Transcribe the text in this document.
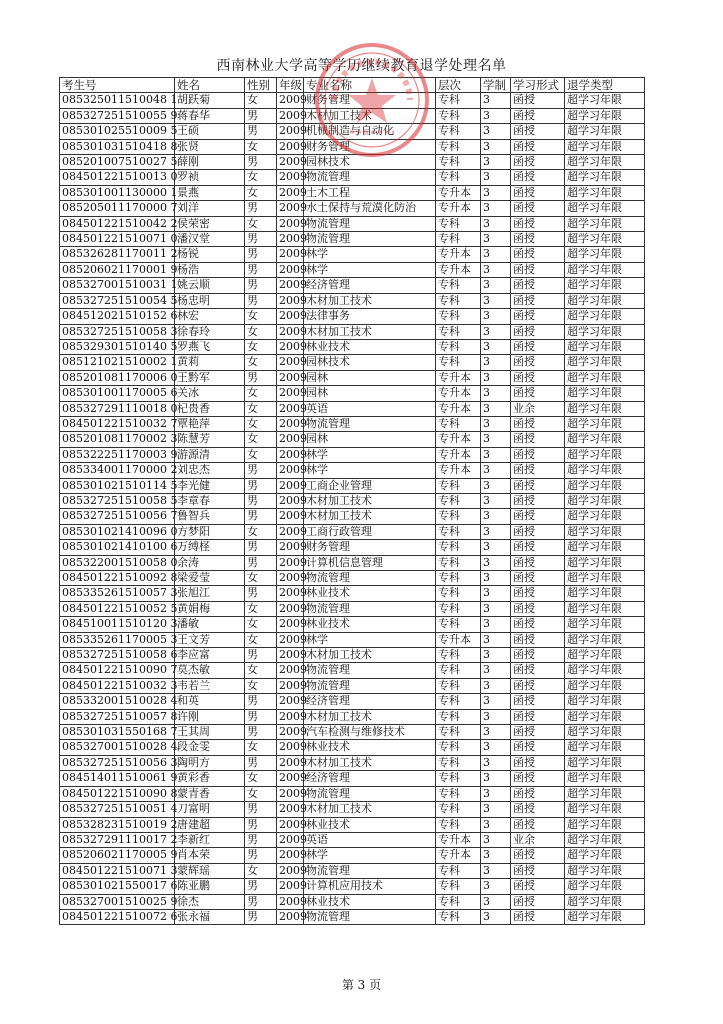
西南林业大学高等学历继续教育退学处理名单
考生号	姓名	性别	年级	专业名称	层次	学制	学习形式	退学类型
085325011510048 1	胡跃菊	女	2009	财务管理	专科	3	函授	超学习年限
085327251510055 9	蒋春华	男	2009	木材加工技术	专科	3	函授	超学习年限
085301025510009 5	王硕	男	2009	机械制造与自动化	专科	3	函授	超学习年限
085301031510418 8	张贤	女	2009	财务管理	专科	3	函授	超学习年限
085201007510027 5	薛刚	男	2009	园林技术	专科	3	函授	超学习年限
084501221510013 0	罗祯	女	2009	物流管理	专科	3	函授	超学习年限
085301001130000 1	景燕	女	2009	土木工程	专升本	3	函授	超学习年限
085205011170000 7	刘洋	男	2009	水土保持与荒漠化防治	专升本	3	函授	超学习年限
084501221510042 2	侯荣密	女	2009	物流管理	专科	3	函授	超学习年限
084501221510071 0	潘汉堂	男	2009	物流管理	专科	3	函授	超学习年限
085326281170011 2	杨锐	男	2009	林学	专升本	3	函授	超学习年限
085206021170001 9	杨浩	男	2009	林学	专升本	3	函授	超学习年限
085327001510031 1	姚云顺	男	2009	经济管理	专科	3	函授	超学习年限
085327251510054 5	杨忠明	男	2009	木材加工技术	专科	3	函授	超学习年限
084512021510152 6	林宏	女	2009	法律事务	专科	3	函授	超学习年限
085327251510058 3	徐春玲	女	2009	木材加工技术	专科	3	函授	超学习年限
085329301510140 5	罗燕飞	女	2009	林业技术	专科	3	函授	超学习年限
085121021510002 1	黄莉	女	2009	园林技术	专科	3	函授	超学习年限
085201081170006 0	王黔军	男	2009	园林	专升本	3	函授	超学习年限
085301001170005 6	关冰	女	2009	园林	专升本	3	函授	超学习年限
085327291110018 0	杞贵香	女	2009	英语	专升本	3	业余	超学习年限
084501221510032 7	覃艳萍	女	2009	物流管理	专科	3	函授	超学习年限
085201081170002 3	陈慧芳	女	2009	园林	专升本	3	函授	超学习年限
085322251170003 9	游源清	女	2009	林学	专升本	3	函授	超学习年限
085334001170000 2	刘忠杰	男	2009	林学	专升本	3	函授	超学习年限
085301021510114 5	李光健	男	2009	工商企业管理	专科	3	函授	超学习年限
085327251510058 5	李章春	男	2009	木材加工技术	专科	3	函授	超学习年限
085327251510056 7	鲁智兵	男	2009	木材加工技术	专科	3	函授	超学习年限
085301021410096 0	方梦阳	女	2009	工商行政管理	专科	3	函授	超学习年限
085301021410100 6	万缚柽	男	2009	财务管理	专科	3	函授	超学习年限
085322001510058 0	余涛	男	2009	计算机信息管理	专科	3	函授	超学习年限
084501221510092 8	梁爱莹	女	2009	物流管理	专科	3	函授	超学习年限
085335261510057 3	张旭江	男	2009	林业技术	专科	3	函授	超学习年限
084501221510052 5	黄娟梅	女	2009	物流管理	专科	3	函授	超学习年限
084510011510120 3	潘敏	女	2009	林业技术	专科	3	函授	超学习年限
085335261170005 3	王文芳	女	2009	林学	专升本	3	函授	超学习年限
085327251510058 6	李应富	男	2009	木材加工技术	专科	3	函授	超学习年限
084501221510090 7	莫杰敏	女	2009	物流管理	专科	3	函授	超学习年限
084501221510032 3	韦若兰	女	2009	物流管理	专科	3	函授	超学习年限
085332001510028 4	和英	男	2009	经济管理	专科	3	函授	超学习年限
085327251510057 8	许刚	男	2009	木材加工技术	专科	3	函授	超学习年限
085301031550168 7	王其周	男	2009	汽车检测与维修技术	专科	3	函授	超学习年限
085327001510028 4	段金雯	女	2009	林业技术	专科	3	函授	超学习年限
085327251510056 3	陶明方	男	2009	木材加工技术	专科	3	函授	超学习年限
084514011510061 9	黄彩香	女	2009	经济管理	专科	3	函授	超学习年限
084501221510090 8	蒙青香	女	2009	物流管理	专科	3	函授	超学习年限
085327251510051 4	刀富明	男	2009	木材加工技术	专科	3	函授	超学习年限
085328231510019 2	唐建超	男	2009	林业技术	专科	3	函授	超学习年限
085327291110017 2	李新红	男	2009	英语	专升本	3	业余	超学习年限
085206021170005 9	肖本荣	男	2009	林学	专升本	3	函授	超学习年限
084501221510071 3	蒙辉瑶	女	2009	物流管理	专科	3	函授	超学习年限
085301021550017 6	陈亚鹏	男	2009	计算机应用技术	专科	3	函授	超学习年限
085327001510025 9	徐杰	男	2009	林业技术	专科	3	函授	超学习年限
084501221510072 6	张永福	男	2009	物流管理	专科	3	函授	超学习年限
第 3 页
